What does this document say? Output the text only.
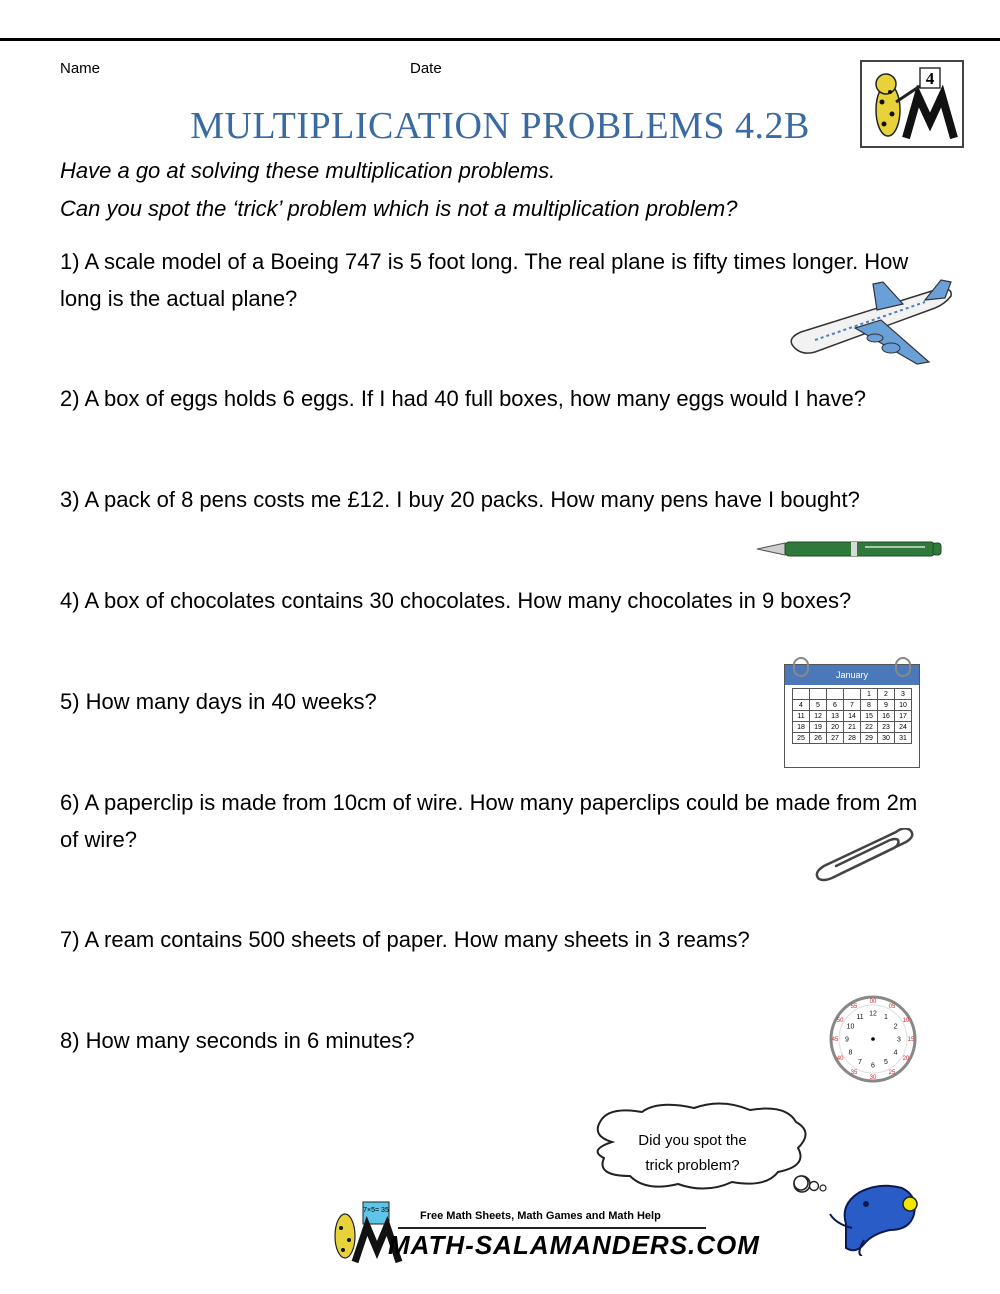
Name	Date
4
MULTIPLICATION PROBLEMS 4.2B
Have a go at solving these multiplication problems.
Can you spot the ‘trick’ problem which is not a multiplication problem?
1) A scale model of a Boeing 747 is 5 foot long. The real plane is fifty times longer. How long is the actual plane?
2) A box of eggs holds 6 eggs. If I had 40 full boxes, how many eggs would I have?
3) A pack of 8 pens costs me £12. I buy 20 packs. How many pens have I bought?
4) A box of chocolates contains 30 chocolates. How many chocolates in 9 boxes?
5) How many days in 40 weeks?
6) A paperclip is made from 10cm of wire. How many paperclips could be made from 2m of wire?
7) A ream contains 500 sheets of paper. How many sheets in 3 reams?
8) How many seconds in 6 minutes?
January
				1	2	3
4	5	6	7	8	9	10
11	12	13	14	15	16	17
18	19	20	21	22	23	24
25	26	27	28	29	30	31
12 1
2
3
4
5
6
7
8
9
10
11
00
05
10
15
20
25
30
35
40
45
50
55
Did you spot the
trick problem?
7×5= 35	Free Math Sheets, Math Games and Math Help
MATH-SALAMANDERS.COM
